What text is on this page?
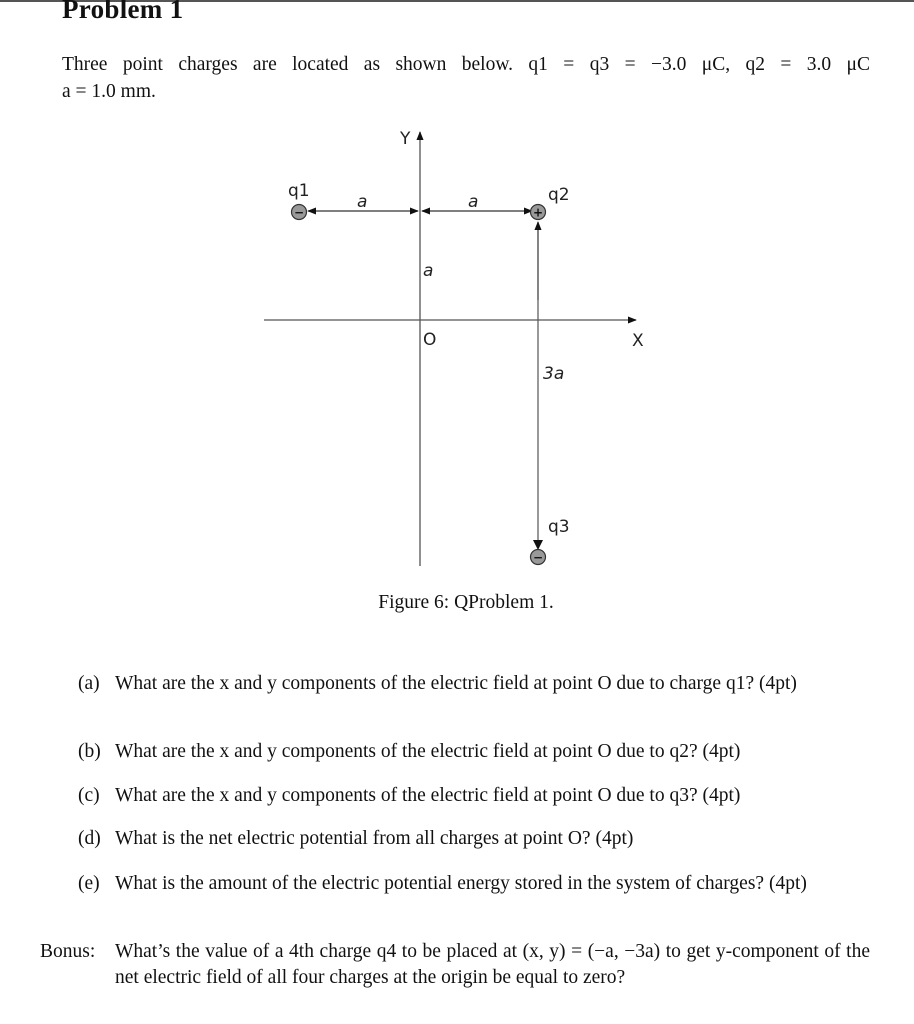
Problem 1
Three point charges are located as shown below. q1 = q3 = −3.0 μC, q2 = 3.0 μC
a = 1.0 mm.
−	+
−
q1	q2
q3
a	a
a
3a
O	X
Y
Figure 6: QProblem 1.
(a) What are the x and y components of the electric field at point O due to charge q1? (4pt)
(b) What are the x and y components of the electric field at point O due to q2? (4pt)
(c) What are the x and y components of the electric field at point O due to q3? (4pt)
(d) What is the net electric potential from all charges at point O? (4pt)
(e) What is the amount of the electric potential energy stored in the system of charges? (4pt)
Bonus: What’s the value of a 4th charge q4 to be placed at (x, y) = (−a, −3a) to get y-component of the net electric field of all four charges at the origin be equal to zero?
